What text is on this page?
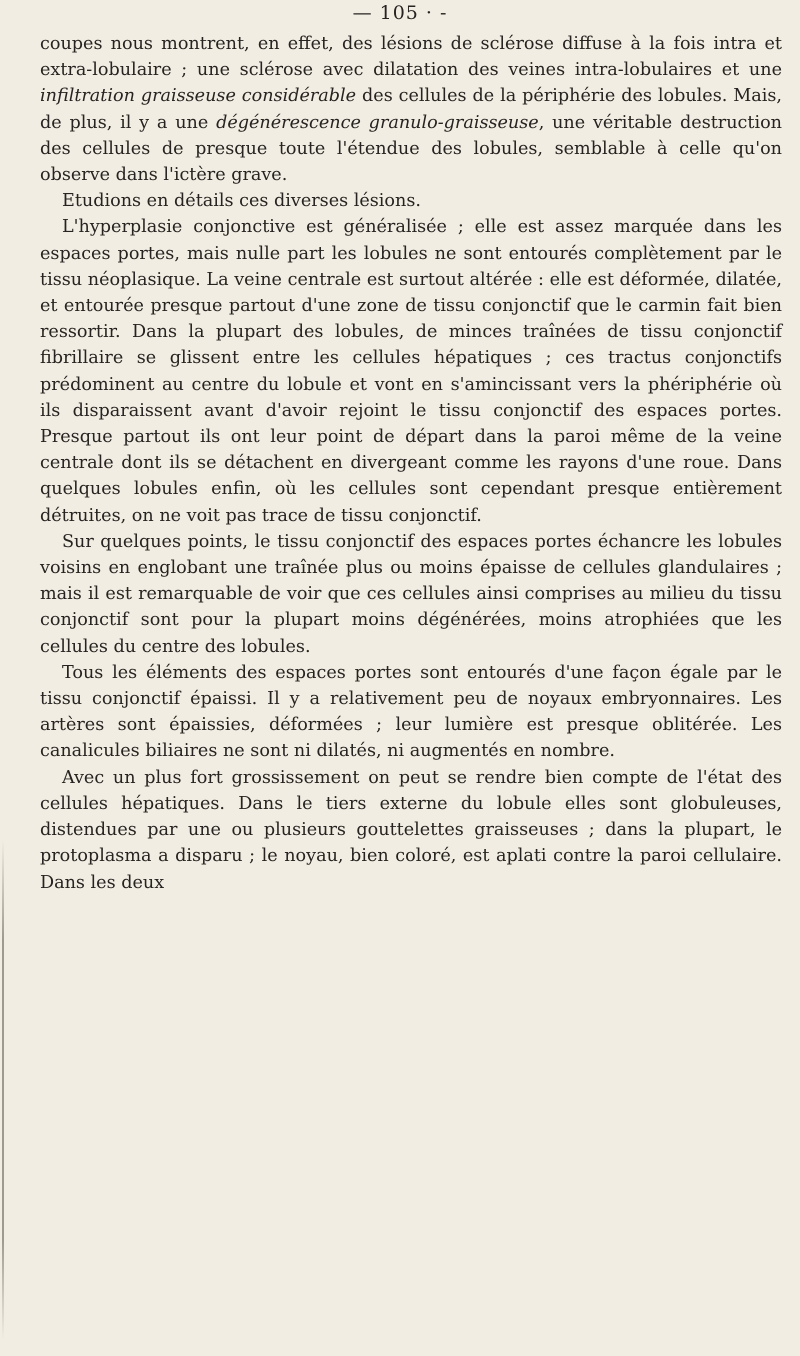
— 105 · -

coupes nous montrent, en effet, des lésions de sclérose diffuse à la fois intra et extra-lobulaire ; une sclérose avec dilatation des veines intra-lobulaires et une infiltration graisseuse considérable des cellules de la périphérie des lobules. Mais, de plus, il y a une dégénérescence granulo-graisseuse, une véritable destruction des cellules de presque toute l'étendue des lobules, semblable à celle qu'on observe dans l'ictère grave.

Etudions en détails ces diverses lésions.

L'hyperplasie conjonctive est généralisée ; elle est assez marquée dans les espaces portes, mais nulle part les lobules ne sont entourés complètement par le tissu néoplasique. La veine centrale est surtout altérée : elle est déformée, dilatée, et entourée presque partout d'une zone de tissu conjonctif que le carmin fait bien ressortir. Dans la plupart des lobules, de minces traînées de tissu conjonctif fibrillaire se glissent entre les cellules hépatiques ; ces tractus conjonctifs prédominent au centre du lobule et vont en s'amincissant vers la phériphérie où ils disparaissent avant d'avoir rejoint le tissu conjonctif des espaces portes. Presque partout ils ont leur point de départ dans la paroi même de la veine centrale dont ils se détachent en divergeant comme les rayons d'une roue. Dans quelques lobules enfin, où les cellules sont cependant presque entièrement détruites, on ne voit pas trace de tissu conjonctif.

Sur quelques points, le tissu conjonctif des espaces portes échancre les lobules voisins en englobant une traînée plus ou moins épaisse de cellules glandulaires ; mais il est remarquable de voir que ces cellules ainsi comprises au milieu du tissu conjonctif sont pour la plupart moins dégénérées, moins atrophiées que les cellules du centre des lobules.

Tous les éléments des espaces portes sont entourés d'une façon égale par le tissu conjonctif épaissi. Il y a relativement peu de noyaux embryonnaires. Les artères sont épaissies, déformées ; leur lumière est presque oblitérée. Les canalicules biliaires ne sont ni dilatés, ni augmentés en nombre.

Avec un plus fort grossissement on peut se rendre bien compte de l'état des cellules hépatiques. Dans le tiers externe du lobule elles sont globuleuses, distendues par une ou plusieurs gouttelettes graisseuses ; dans la plupart, le protoplasma a disparu ; le noyau, bien coloré, est aplati contre la paroi cellulaire. Dans les deux
